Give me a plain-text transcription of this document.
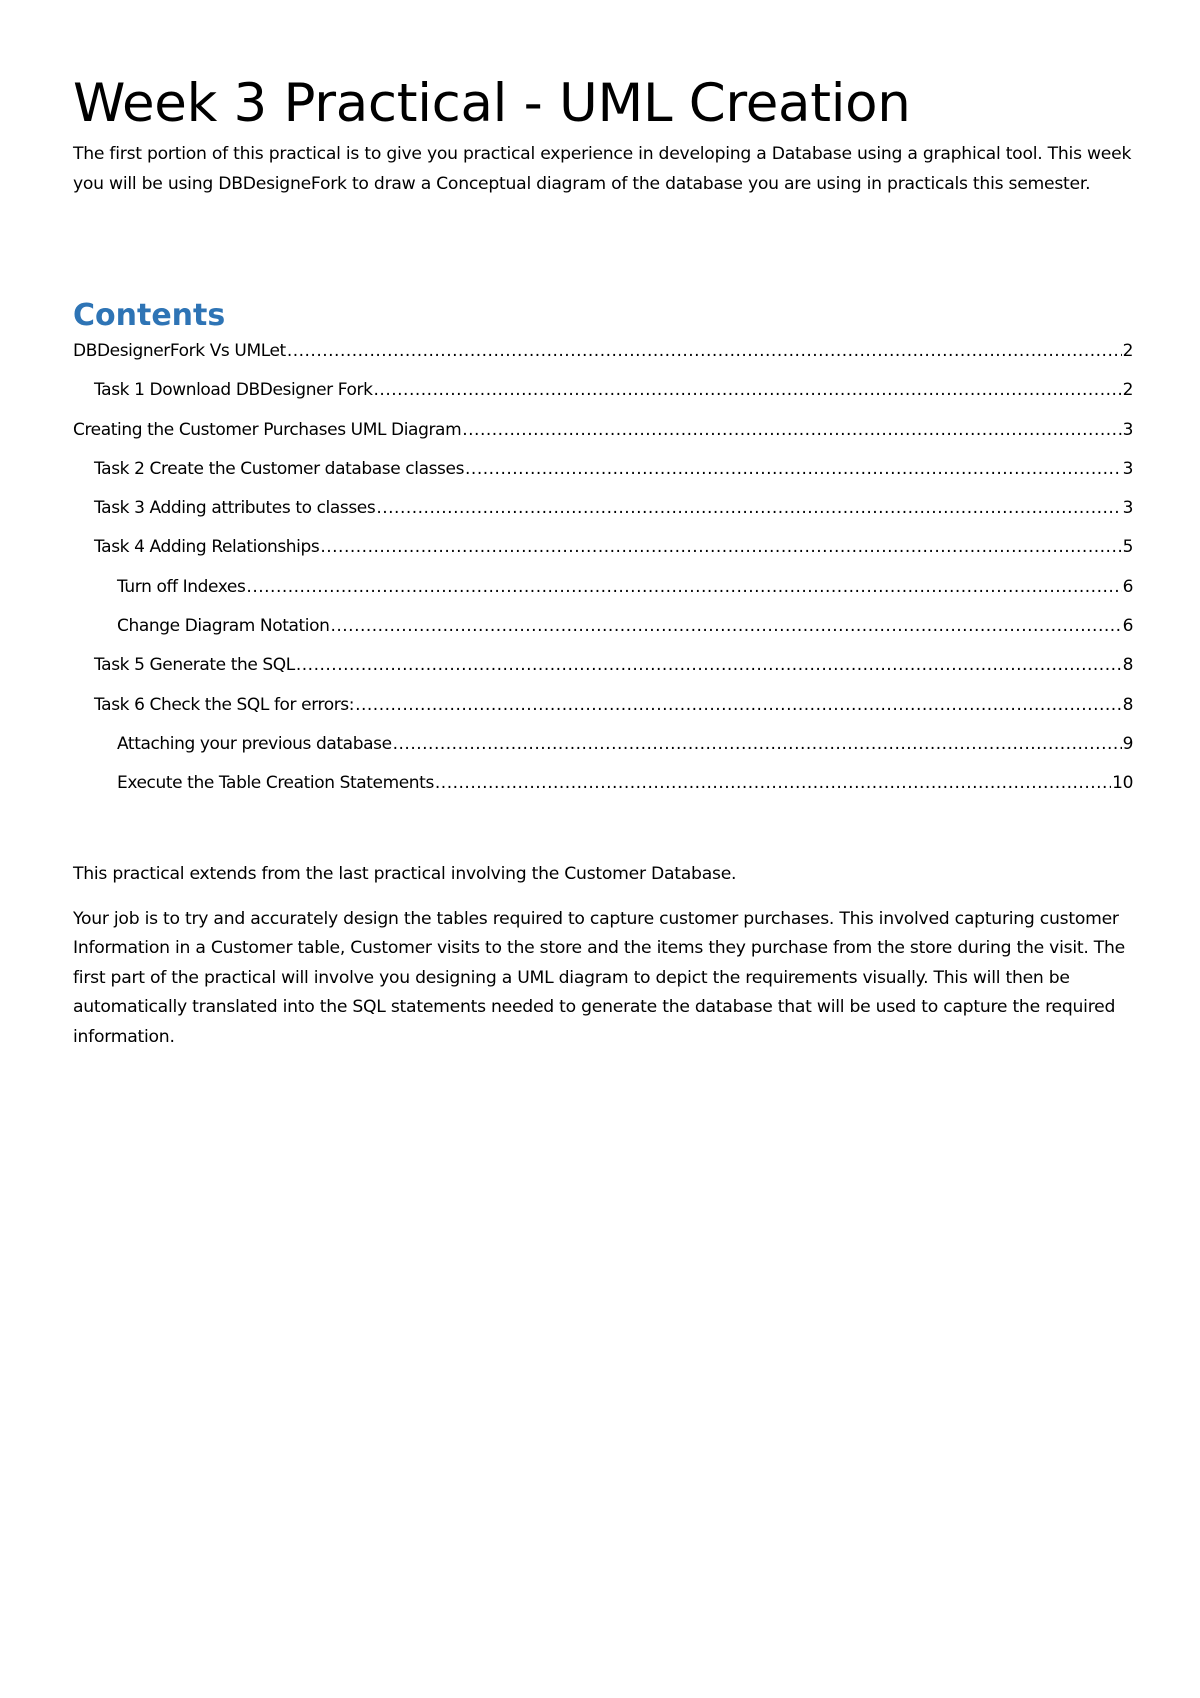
Week 3 Practical - UML Creation

The first portion of this practical is to give you practical experience in developing a Database using a graphical tool. This week you will be using DBDesigneFork to draw a Conceptual diagram of the database you are using in practicals this semester.

Contents
DBDesignerFork Vs UMLet .....	2
Task 1 Download DBDesigner Fork .....	2
Creating the Customer Purchases UML Diagram .....	3
Task 2 Create the Customer database classes .....	3
Task 3 Adding attributes to classes .....	3
Task 4 Adding Relationships .....	5
Turn off Indexes .....	6
Change Diagram Notation .....	6
Task 5 Generate the SQL .....	8
Task 6 Check the SQL for errors: .....	8
Attaching your previous database .....	9
Execute the Table Creation Statements .....	10

This practical extends from the last practical involving the Customer Database.

Your job is to try and accurately design the tables required to capture customer purchases. This involved capturing customer Information in a Customer table, Customer visits to the store and the items they purchase from the store during the visit. The first part of the practical will involve you designing a UML diagram to depict the requirements visually. This will then be automatically translated into the SQL statements needed to generate the database that will be used to capture the required information.
